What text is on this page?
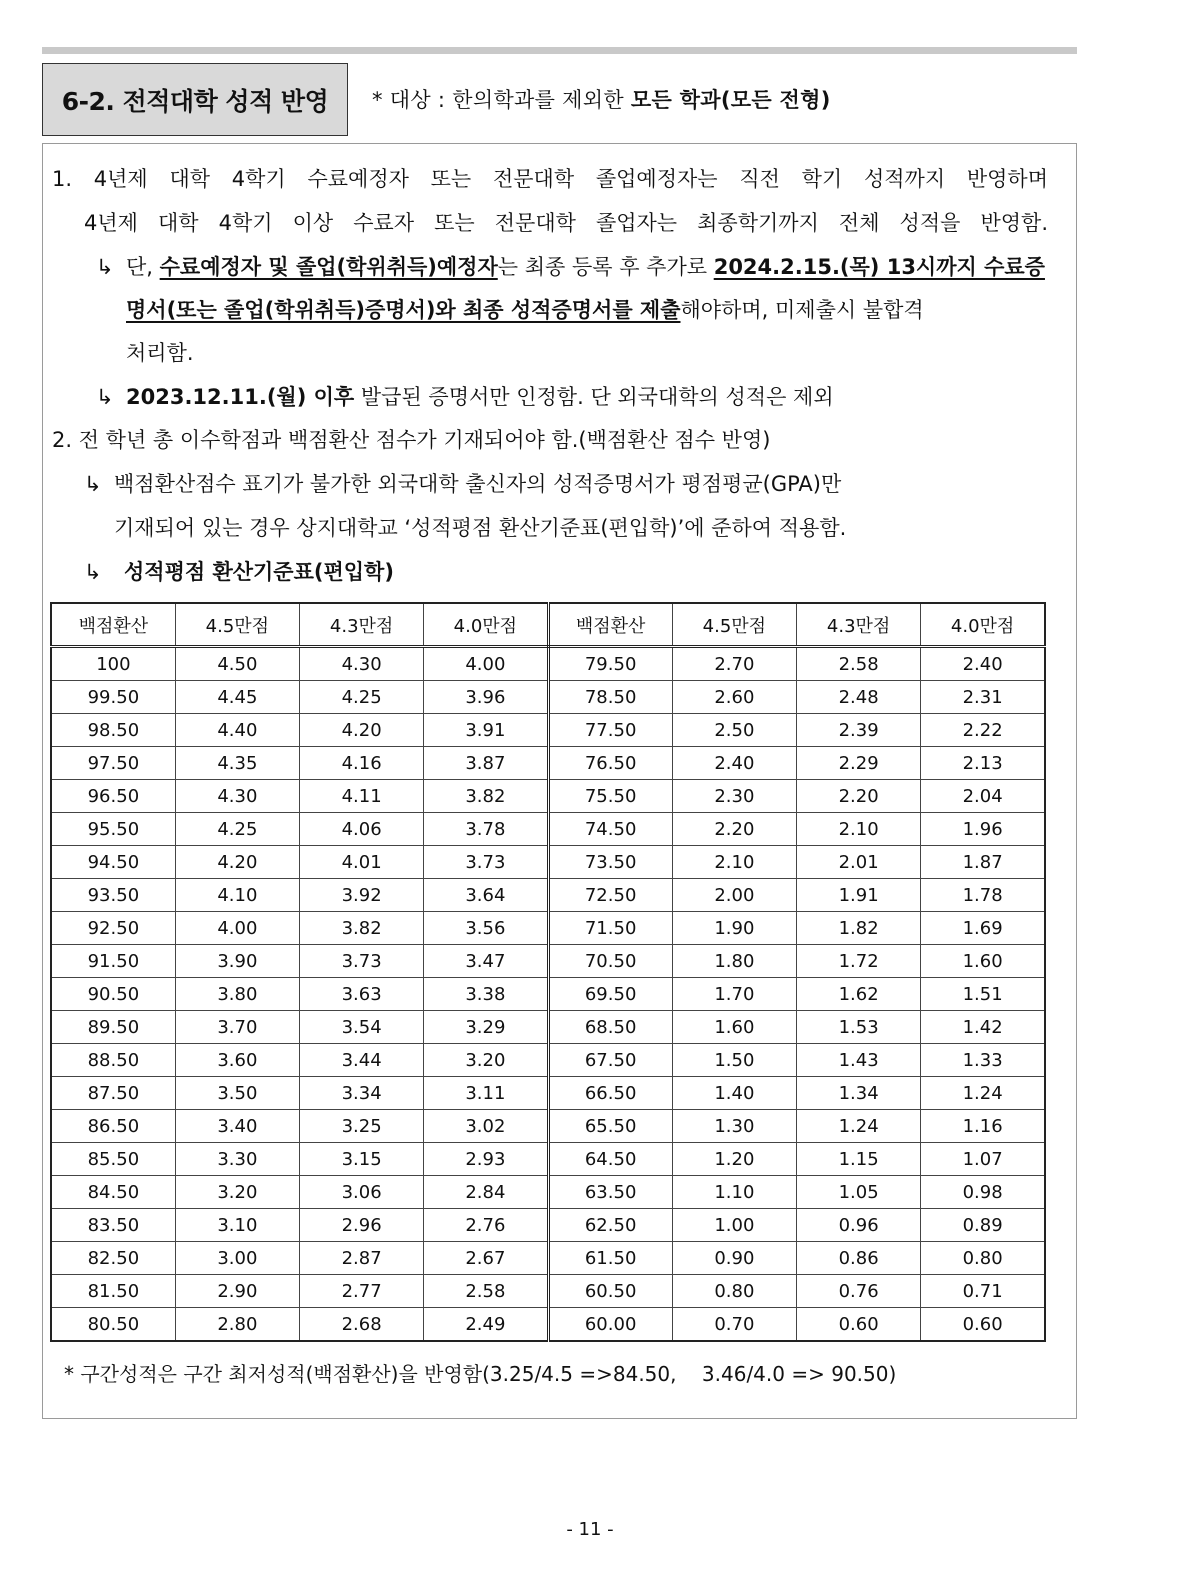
6-2. 전적대학 성적 반영 * 대상 : 한의학과를 제외한 모든 학과(모든 전형)
1. 4년제 대학 4학기 수료예정자 또는 전문대학 졸업예정자는 직전 학기 성적까지 반영하며
4년제 대학 4학기 이상 수료자 또는 전문대학 졸업자는 최종학기까지 전체 성적을 반영함.
↳ 단, 수료예정자 및 졸업(학위취득)예정자는 최종 등록 후 추가로 2024.2.15.(목) 13시까지 수료증
명서(또는 졸업(학위취득)증명서)와 최종 성적증명서를 제출해야하며, 미제출시 불합격
처리함.
↳ 2023.12.11.(월) 이후 발급된 증명서만 인정함. 단 외국대학의 성적은 제외
2. 전 학년 총 이수학점과 백점환산 점수가 기재되어야 함.(백점환산 점수 반영)
↳ 백점환산점수 표기가 불가한 외국대학 출신자의 성적증명서가 평점평균(GPA)만
기재되어 있는 경우 상지대학교 ‘성적평점 환산기준표(편입학)’에 준하여 적용함.
↳ 성적평점 환산기준표(편입학)
백점환산	4.5만점	4.3만점	4.0만점	백점환산	4.5만점	4.3만점	4.0만점
100	4.50	4.30	4.00	79.50	2.70	2.58	2.40
99.50	4.45	4.25	3.96	78.50	2.60	2.48	2.31
98.50	4.40	4.20	3.91	77.50	2.50	2.39	2.22
97.50	4.35	4.16	3.87	76.50	2.40	2.29	2.13
96.50	4.30	4.11	3.82	75.50	2.30	2.20	2.04
95.50	4.25	4.06	3.78	74.50	2.20	2.10	1.96
94.50	4.20	4.01	3.73	73.50	2.10	2.01	1.87
93.50	4.10	3.92	3.64	72.50	2.00	1.91	1.78
92.50	4.00	3.82	3.56	71.50	1.90	1.82	1.69
91.50	3.90	3.73	3.47	70.50	1.80	1.72	1.60
90.50	3.80	3.63	3.38	69.50	1.70	1.62	1.51
89.50	3.70	3.54	3.29	68.50	1.60	1.53	1.42
88.50	3.60	3.44	3.20	67.50	1.50	1.43	1.33
87.50	3.50	3.34	3.11	66.50	1.40	1.34	1.24
86.50	3.40	3.25	3.02	65.50	1.30	1.24	1.16
85.50	3.30	3.15	2.93	64.50	1.20	1.15	1.07
84.50	3.20	3.06	2.84	63.50	1.10	1.05	0.98
83.50	3.10	2.96	2.76	62.50	1.00	0.96	0.89
82.50	3.00	2.87	2.67	61.50	0.90	0.86	0.80
81.50	2.90	2.77	2.58	60.50	0.80	0.76	0.71
80.50	2.80	2.68	2.49	60.00	0.70	0.60	0.60
* 구간성적은 구간 최저성적(백점환산)을 반영함(3.25/4.5 =>84.50,    3.46/4.0 => 90.50)
- 11 -
